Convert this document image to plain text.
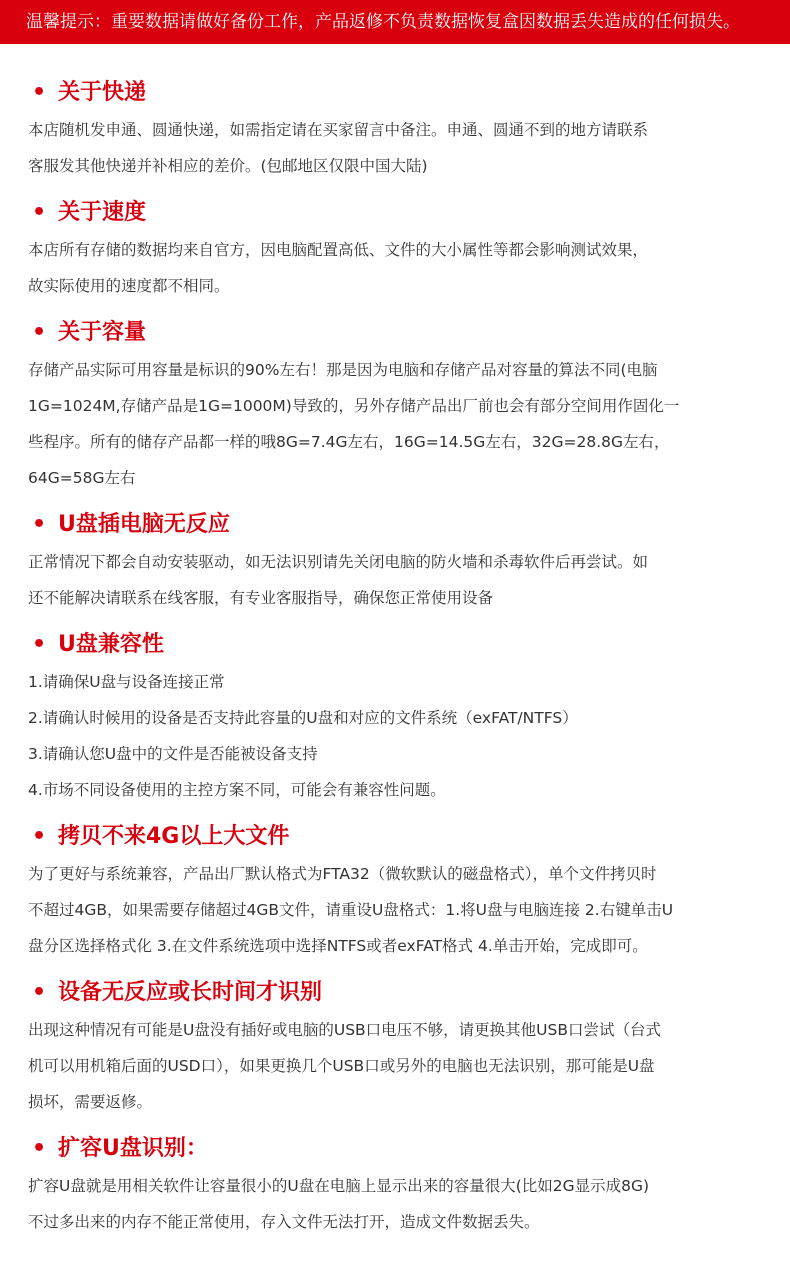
温馨提示：重要数据请做好备份工作，产品返修不负责数据恢复盒因数据丢失造成的任何损失。
• 关于快递

本店随机发申通、圆通快递，如需指定请在买家留言中备注。申通、圆通不到的地方请联系
客服发其他快递并补相应的差价。(包邮地区仅限中国大陆)

• 关于速度

本店所有存储的数据均来自官方，因电脑配置高低、文件的大小属性等都会影响测试效果，
故实际使用的速度都不相同。

• 关于容量

存储产品实际可用容量是标识的90%左右！那是因为电脑和存储产品对容量的算法不同(电脑
1G=1024M,存储产品是1G=1000M)导致的，另外存储产品出厂前也会有部分空间用作固化一
些程序。所有的储存产品都一样的哦8G=7.4G左右，16G=14.5G左右，32G=28.8G左右，
64G=58G左右

• U盘插电脑无反应

正常情况下都会自动安装驱动，如无法识别请先关闭电脑的防火墙和杀毒软件后再尝试。如
还不能解决请联系在线客服，有专业客服指导，确保您正常使用设备

• U盘兼容性

1.请确保U盘与设备连接正常
2.请确认时候用的设备是否支持此容量的U盘和对应的文件系统（exFAT/NTFS）
3.请确认您U盘中的文件是否能被设备支持
4.市场不同设备使用的主控方案不同，可能会有兼容性问题。

• 拷贝不来4G以上大文件

为了更好与系统兼容，产品出厂默认格式为FTA32（微软默认的磁盘格式），单个文件拷贝时
不超过4GB，如果需要存储超过4GB文件，请重设U盘格式：1.将U盘与电脑连接 2.右键单击U
盘分区选择格式化 3.在文件系统选项中选择NTFS或者exFAT格式 4.单击开始，完成即可。

• 设备无反应或长时间才识别

出现这种情况有可能是U盘没有插好或电脑的USB口电压不够，请更换其他USB口尝试（台式
机可以用机箱后面的USD口），如果更换几个USB口或另外的电脑也无法识别，那可能是U盘
损坏，需要返修。

• 扩容U盘识别：

扩容U盘就是用相关软件让容量很小的U盘在电脑上显示出来的容量很大(比如2G显示成8G)
不过多出来的内存不能正常使用，存入文件无法打开，造成文件数据丢失。
